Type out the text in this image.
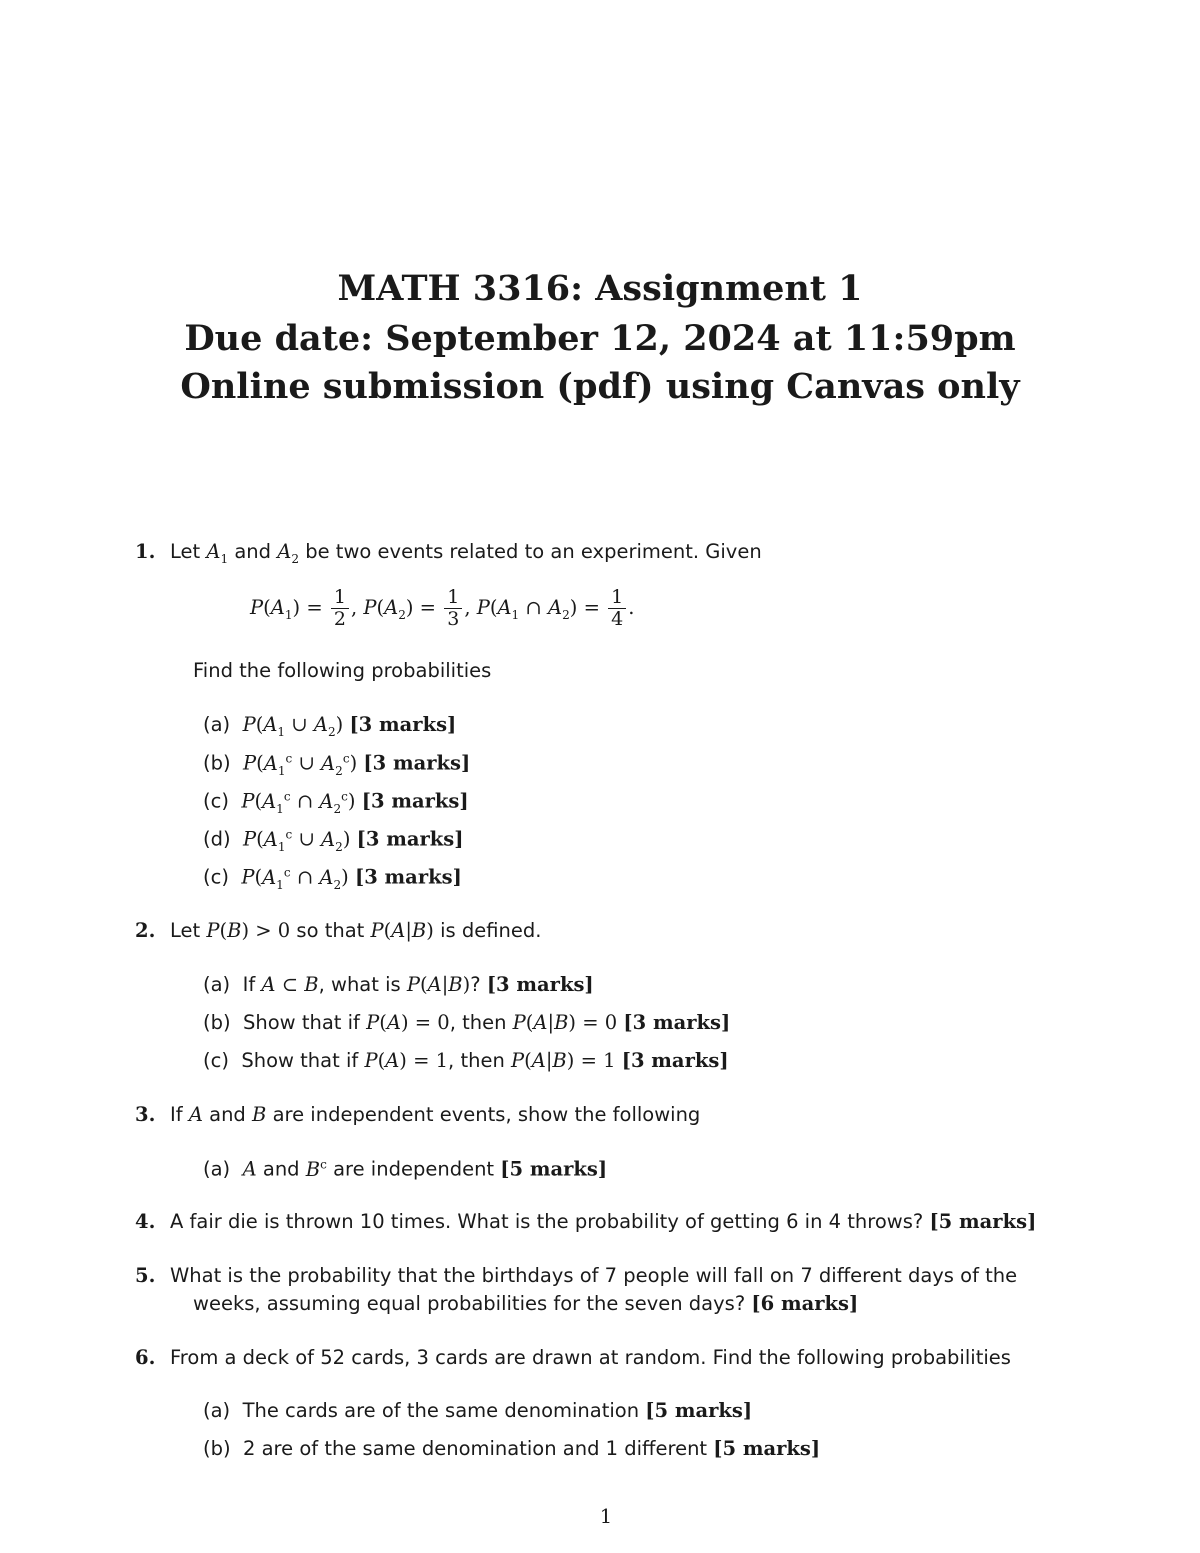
MATH 3316: Assignment 1
Due date: September 12, 2024 at 11:59pm
Online submission (pdf) using Canvas only
1. Let $A_1$ and $A_2$ be two events related to an experiment. Given
$P(A_1) = \frac{1}{2}$ , $P(A_2) = \frac{1}{3}$ , $P(A_1$ ∩ $A_2) = \frac{1}{4}$ .
Find the following probabilities
(a) $P(A_1$ ∪ $A_2$) [3 marks]
(b) $P(A_1^c$ ∪ $A_2^c$) [3 marks]
(c) $P(A_1^c$ ∩ $A_2^c$) [3 marks]
(d) $P(A_1^c$ ∪ $A_2$) [3 marks]
(c) $P(A_1^c$ ∩ $A_2$) [3 marks]
2. Let P(B) > 0 so that P(A|B) is defined.
(a) If A ⊂ B, what is P(A|B)? [3 marks]
(b) Show that if P(A) = 0, then P(A|B) = 0 [3 marks]
(c) Show that if P(A) = 1, then P(A|B) = 1 [3 marks]
3. If A and B are independent events, show the following
(a) A and $B^c$ are independent [5 marks]
4. A fair die is thrown 10 times. What is the probability of getting 6 in 4 throws? [5 marks]
5. What is the probability that the birthdays of 7 people will fall on 7 different days of the
weeks, assuming equal probabilities for the seven days? [6 marks]
6. From a deck of 52 cards, 3 cards are drawn at random. Find the following probabilities
(a) The cards are of the same denomination [5 marks]
(b) 2 are of the same denomination and 1 different [5 marks]
1
